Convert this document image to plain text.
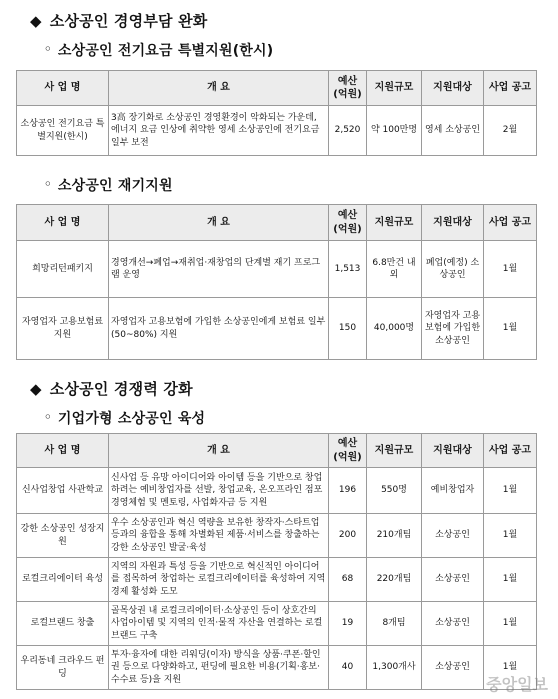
◆ 소상공인 경영부담 완화
◦ 소상공인 전기요금 특별지원(한시)
사 업 명	개 요	예산 (억원)	지원규모	지원대상	사업 공고
소상공인 전기요금 특별지원(한시)	3高 장기화로 소상공인 경영환경이 악화되는 가운데, 에너지 요금 인상에 취약한 영세 소상공인에 전기요금 일부 보전	2,520	약 100만명	영세 소상공인	2월
◦ 소상공인 재기지원
사 업 명	개 요	예산 (억원)	지원규모	지원대상	사업 공고
희망리턴패키지	경영개선→폐업→재취업·재창업의 단계별 재기 프로그램 운영	1,513	6.8만건 내외	폐업(예정) 소상공인	1월
자영업자 고용보험료 지원	자영업자 고용보험에 가입한 소상공인에게 보험료 일부(50~80%) 지원	150	40,000명	자영업자 고용보험에 가입한 소상공인	1월
◆ 소상공인 경쟁력 강화
◦ 기업가형 소상공인 육성
사 업 명	개 요	예산 (억원)	지원규모	지원대상	사업 공고
신사업창업 사관학교	신사업 등 유망 아이디어와 아이템 등을 기반으로 창업하려는 예비창업자를 선발, 창업교육, 온오프라인 점포경영체험 및 멘토링, 사업화자금 등 지원	196	550명	예비창업자	1월
강한 소상공인 성장지원	우수 소상공인과 혁신 역량을 보유한 창작자·스타트업 등과의 융합을 통해 차별화된 제품·서비스를 창출하는 강한 소상공인 발굴·육성	200	210개팀	소상공인	1월
로컬크리에이터 육성	지역의 자원과 특성 등을 기반으로 혁신적인 아이디어를 접목하여 창업하는 로컬크리에이터를 육성하여 지역경제 활성화 도모	68	220개팀	소상공인	1월
로컬브랜드 창출	골목상권 내 로컬크리에이터·소상공인 등이 상호간의 사업아이템 및 지역의 인적·물적 자산을 연결하는 로컬브랜드 구축	19	8개팀	소상공인	1월
우리동네 크라우드 펀딩	투자·융자에 대한 리워딩(이자) 방식을 상품·쿠폰·할인권 등으로 다양화하고, 펀딩에 필요한 비용(기획·홍보·수수료 등)을 지원	40	1,300개사	소상공인	1월
중앙일보
